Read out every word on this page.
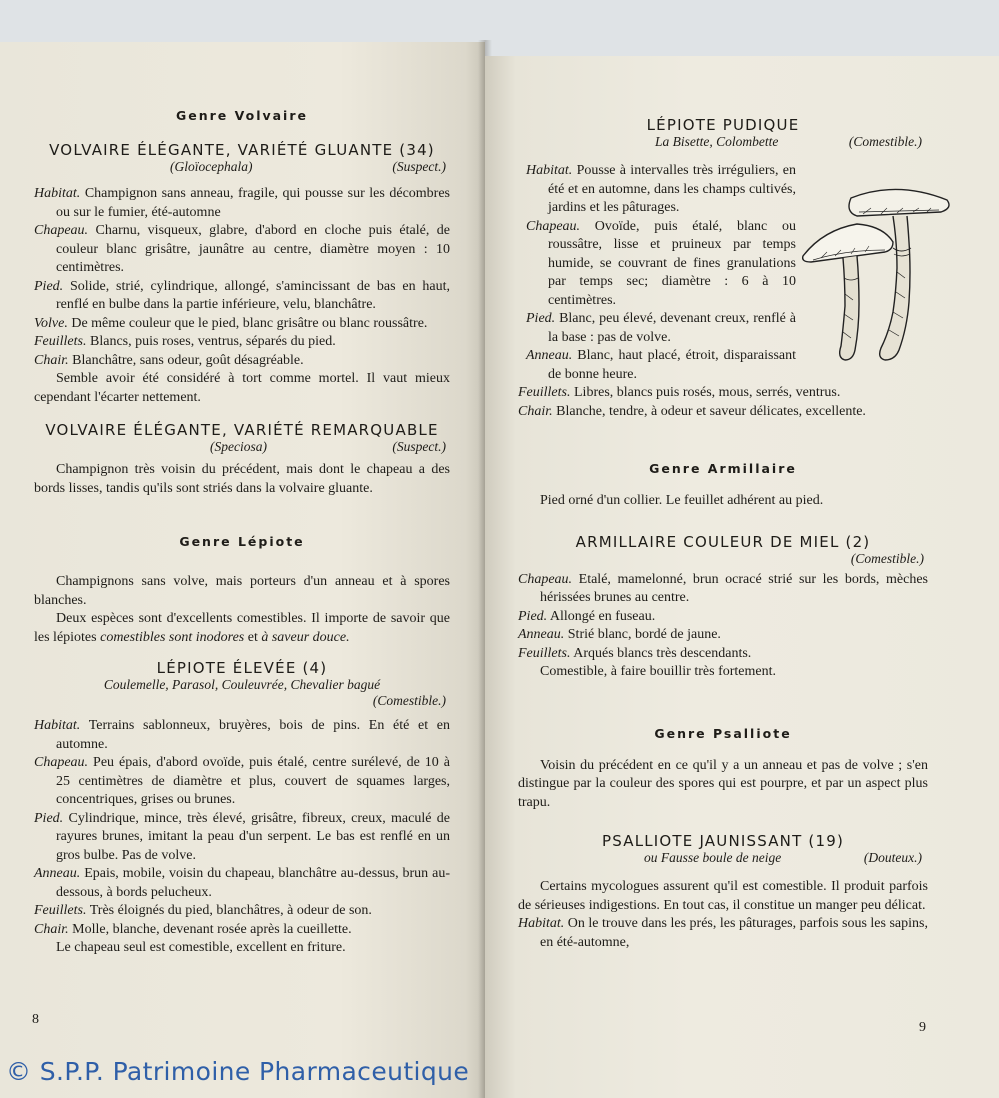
Genre Volvaire
VOLVAIRE ÉLÉGANTE, VARIÉTÉ GLUANTE (34)
(Gloïocephala)	(Suspect.)

Habitat. Champignon sans anneau, fragile, qui pousse sur les décombres ou sur le fumier, été-automne

Chapeau. Charnu, visqueux, glabre, d'abord en cloche puis étalé, de couleur blanc grisâtre, jaunâtre au centre, diamètre moyen : 10 centimètres.

Pied. Solide, strié, cylindrique, allongé, s'amincissant de bas en haut, renflé en bulbe dans la partie inférieure, velu, blanchâtre.

Volve. De même couleur que le pied, blanc grisâtre ou blanc roussâtre.

Feuillets. Blancs, puis roses, ventrus, séparés du pied.

Chair. Blanchâtre, sans odeur, goût désagréable.

Semble avoir été considéré à tort comme mortel. Il vaut mieux cependant l'écarter nettement.

VOLVAIRE ÉLÉGANTE, VARIÉTÉ REMARQUABLE
(Speciosa)	(Suspect.)

Champignon très voisin du précédent, mais dont le chapeau a des bords lisses, tandis qu'ils sont striés dans la volvaire gluante.

Genre Lépiote

Champignons sans volve, mais porteurs d'un anneau et à spores blanches.

Deux espèces sont d'excellents comestibles. Il importe de savoir que les lépiotes comestibles sont inodores et à saveur douce.

LÉPIOTE ÉLEVÉE (4)
Coulemelle, Parasol, Couleuvrée, Chevalier bagué
(Comestible.)

Habitat. Terrains sablonneux, bruyères, bois de pins. En été et en automne.

Chapeau. Peu épais, d'abord ovoïde, puis étalé, centre surélevé, de 10 à 25 centimètres de diamètre et plus, couvert de squames larges, concentriques, grises ou brunes.

Pied. Cylindrique, mince, très élevé, grisâtre, fibreux, creux, maculé de rayures brunes, imitant la peau d'un serpent. Le bas est renflé en un gros bulbe. Pas de volve.

Anneau. Epais, mobile, voisin du chapeau, blanchâtre au-dessus, brun au-dessous, à bords pelucheux.

Feuillets. Très éloignés du pied, blanchâtres, à odeur de son.

Chair. Molle, blanche, devenant rosée après la cueillette.

Le chapeau seul est comestible, excellent en friture.

8
LÉPIOTE PUDIQUE
La Bisette, Colombette	(Comestible.)

Habitat. Pousse à intervalles très irréguliers, en été et en automne, dans les champs cultivés, jardins et les pâturages.

Chapeau. Ovoïde, puis étalé, blanc ou roussâtre, lisse et pruineux par temps humide, se couvrant de fines granulations par temps sec; diamètre : 6 à 10 centimètres.

Pied. Blanc, peu élevé, devenant creux, renflé à la base : pas de volve.

Anneau. Blanc, haut placé, étroit, disparaissant de bonne heure.

Feuillets. Libres, blancs puis rosés, mous, serrés, ventrus.

Chair. Blanche, tendre, à odeur et saveur délicates, excellente.

Genre Armillaire

Pied orné d'un collier. Le feuillet adhérent au pied.

ARMILLAIRE COULEUR DE MIEL (2)
(Comestible.)

Chapeau. Etalé, mamelonné, brun ocracé strié sur les bords, mèches hérissées brunes au centre.

Pied. Allongé en fuseau.

Anneau. Strié blanc, bordé de jaune.

Feuillets. Arqués blancs très descendants.

Comestible, à faire bouillir très fortement.

Genre Psalliote

Voisin du précédent en ce qu'il y a un anneau et pas de volve ; s'en distingue par la couleur des spores qui est pourpre, et par un aspect plus trapu.

PSALLIOTE JAUNISSANT (19)
ou Fausse boule de neige	(Douteux.)

Certains mycologues assurent qu'il est comestible. Il produit parfois de sérieuses indigestions. En tout cas, il constitue un manger peu délicat.

Habitat. On le trouve dans les prés, les pâturages, parfois sous les sapins, en été-automne,

9
© S.P.P. Patrimoine Pharmaceutique
